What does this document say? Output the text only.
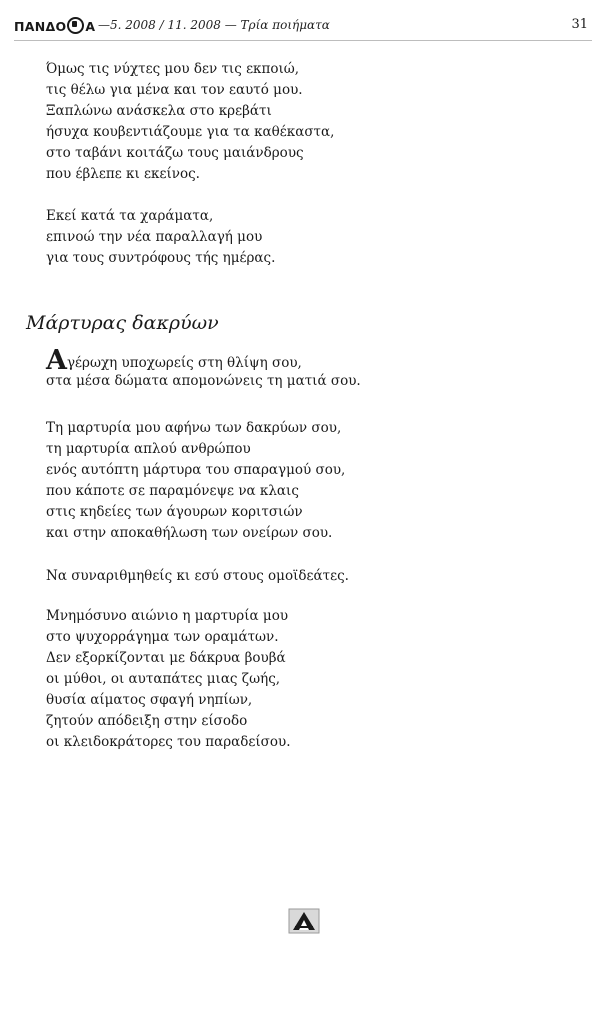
ΠΑΝΔΟ Α —5. 2008 / 11. 2008 — Τρία ποιήματα	31
Όμως τις νύχτες μου δεν τις εκποιώ,
τις θέλω για μένα και τον εαυτό μου.
Ξαπλώνω ανάσκελα στο κρεβάτι
ήσυχα κουβεντιάζουμε για τα καθέκαστα,
στο ταβάνι κοιτάζω τους μαιάνδρους
που έβλεπε κι εκείνος.
Εκεί κατά τα χαράματα,
επινοώ την νέα παραλλαγή μου
για τους συντρόφους τής ημέρας.
Μάρτυρας δακρύων
Αγέρωχη υποχωρείς στη θλίψη σου,
στα μέσα δώματα απομονώνεις τη ματιά σου.
Τη μαρτυρία μου αφήνω των δακρύων σου,
τη μαρτυρία απλού ανθρώπου
ενός αυτόπτη μάρτυρα του σπαραγμού σου,
που κάποτε σε παραμόνεψε να κλαις
στις κηδείες των άγουρων κοριτσιών
και στην αποκαθήλωση των ονείρων σου.
Να συναριθμηθείς κι εσύ στους ομοϊδεάτες.
Μνημόσυνο αιώνιο η μαρτυρία μου
στο ψυχορράγημα των οραμάτων.
Δεν εξορκίζονται με δάκρυα βουβά
οι μύθοι, οι αυταπάτες μιας ζωής,
θυσία αίματος σφαγή νηπίων,
ζητούν απόδειξη στην είσοδο
οι κλειδοκράτορες του παραδείσου.
